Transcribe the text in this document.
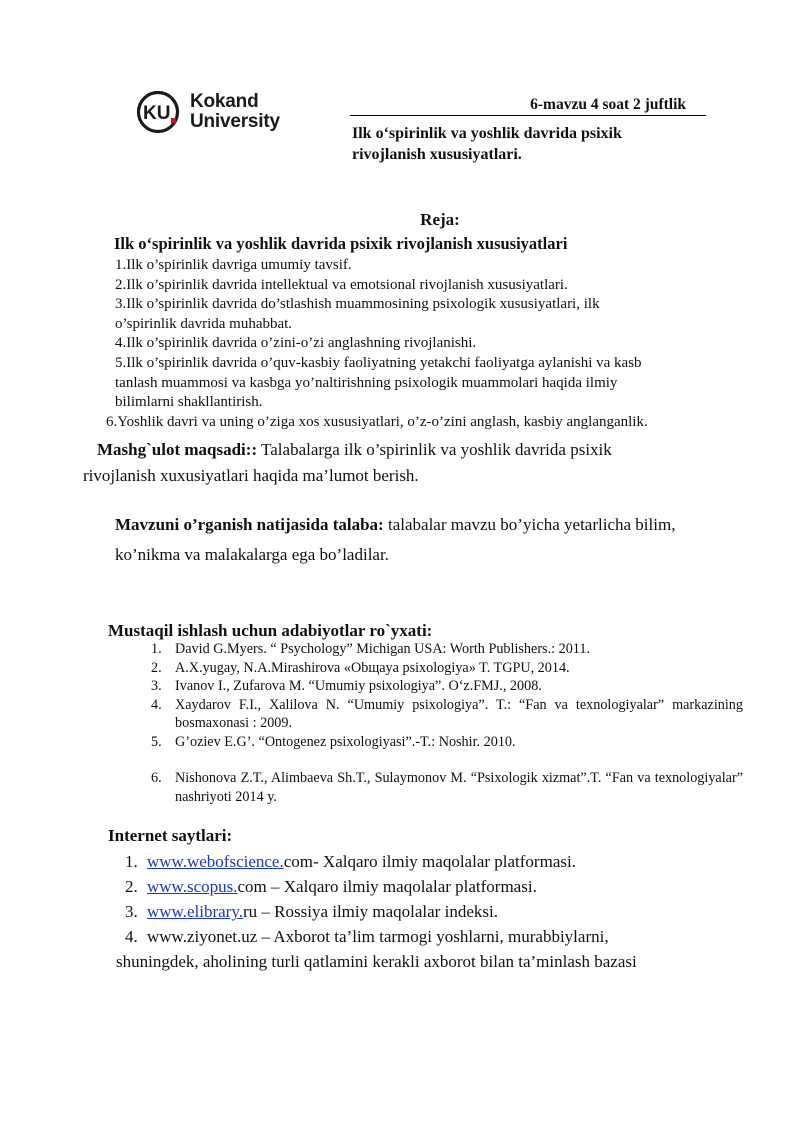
KU
Kokand
University
6-mavzu 4 soat 2 juftlik
Ilk o‘spirinlik va yoshlik davrida psixik
rivojlanish xususiyatlari.
Reja:
Ilk o‘spirinlik va yoshlik davrida psixik rivojlanish xususiyatlari
1.Ilk o’spirinlik davriga umumiy tavsif.
2.Ilk o’spirinlik davrida intellektual va emotsional rivojlanish xususiyatlari.
3.Ilk o’spirinlik davrida do’stlashish muammosining psixologik xususiyatlari, ilk
o’spirinlik davrida muhabbat.
4.Ilk o’spirinlik davrida o’zini-o’zi anglashning rivojlanishi.
5.Ilk o’spirinlik davrida o’quv-kasbiy faoliyatning yetakchi faoliyatga aylanishi va kasb
tanlash muammosi va kasbga yo’naltirishning psixologik muammolari haqida ilmiy
bilimlarni shakllantirish.
6.Yoshlik davri va uning o’ziga xos xususiyatlari, o’z-o’zini anglash, kasbiy anglanganlik.
Mashg`ulot maqsadi:: Talabalarga ilk o’spirinlik va yoshlik davrida psixik
rivojlanish xuxusiyatlari haqida ma’lumot berish.
Mavzuni o’rganish natijasida talaba: talabalar mavzu bo’yicha yetarlicha bilim,
ko’nikma va malakalarga ega bo’ladilar.
Mustaqil ishlash uchun adabiyotlar ro`yxati:
1. David G.Myers. “ Psychology” Michigan USA: Worth Publishers.: 2011.
2. A.X.yugay, N.A.Mirashirova «Obщaya psixologiya» T. TGPU, 2014.
3. Ivanov I., Zufarova M. “Umumiy psixologiya”. O‘z.FMJ., 2008.
4. Xaydarov F.I., Xalilova N. “Umumiy psixologiya”. T.: “Fan va texnologiyalar” markazining bosmaxonasi : 2009.
5. G’oziev E.G’. “Ontogenez psixologiyasi”.-T.: Noshir. 2010.
6. Nishonova Z.T., Alimbaeva Sh.T., Sulaymonov M. “Psixologik xizmat”.T. “Fan va texnologiyalar” nashriyoti 2014 y.
Internet saytlari:
1. www.webofscience.com- Xalqaro ilmiy maqolalar platformasi.
2. www.scopus.com – Xalqaro ilmiy maqolalar platformasi.
3. www.elibrary.ru – Rossiya ilmiy maqolalar indeksi.
4. www.ziyonet.uz – Axborot ta’lim tarmogi yoshlarni, murabbiylarni,
shuningdek, aholining turli qatlamini kerakli axborot bilan ta’minlash bazasi
